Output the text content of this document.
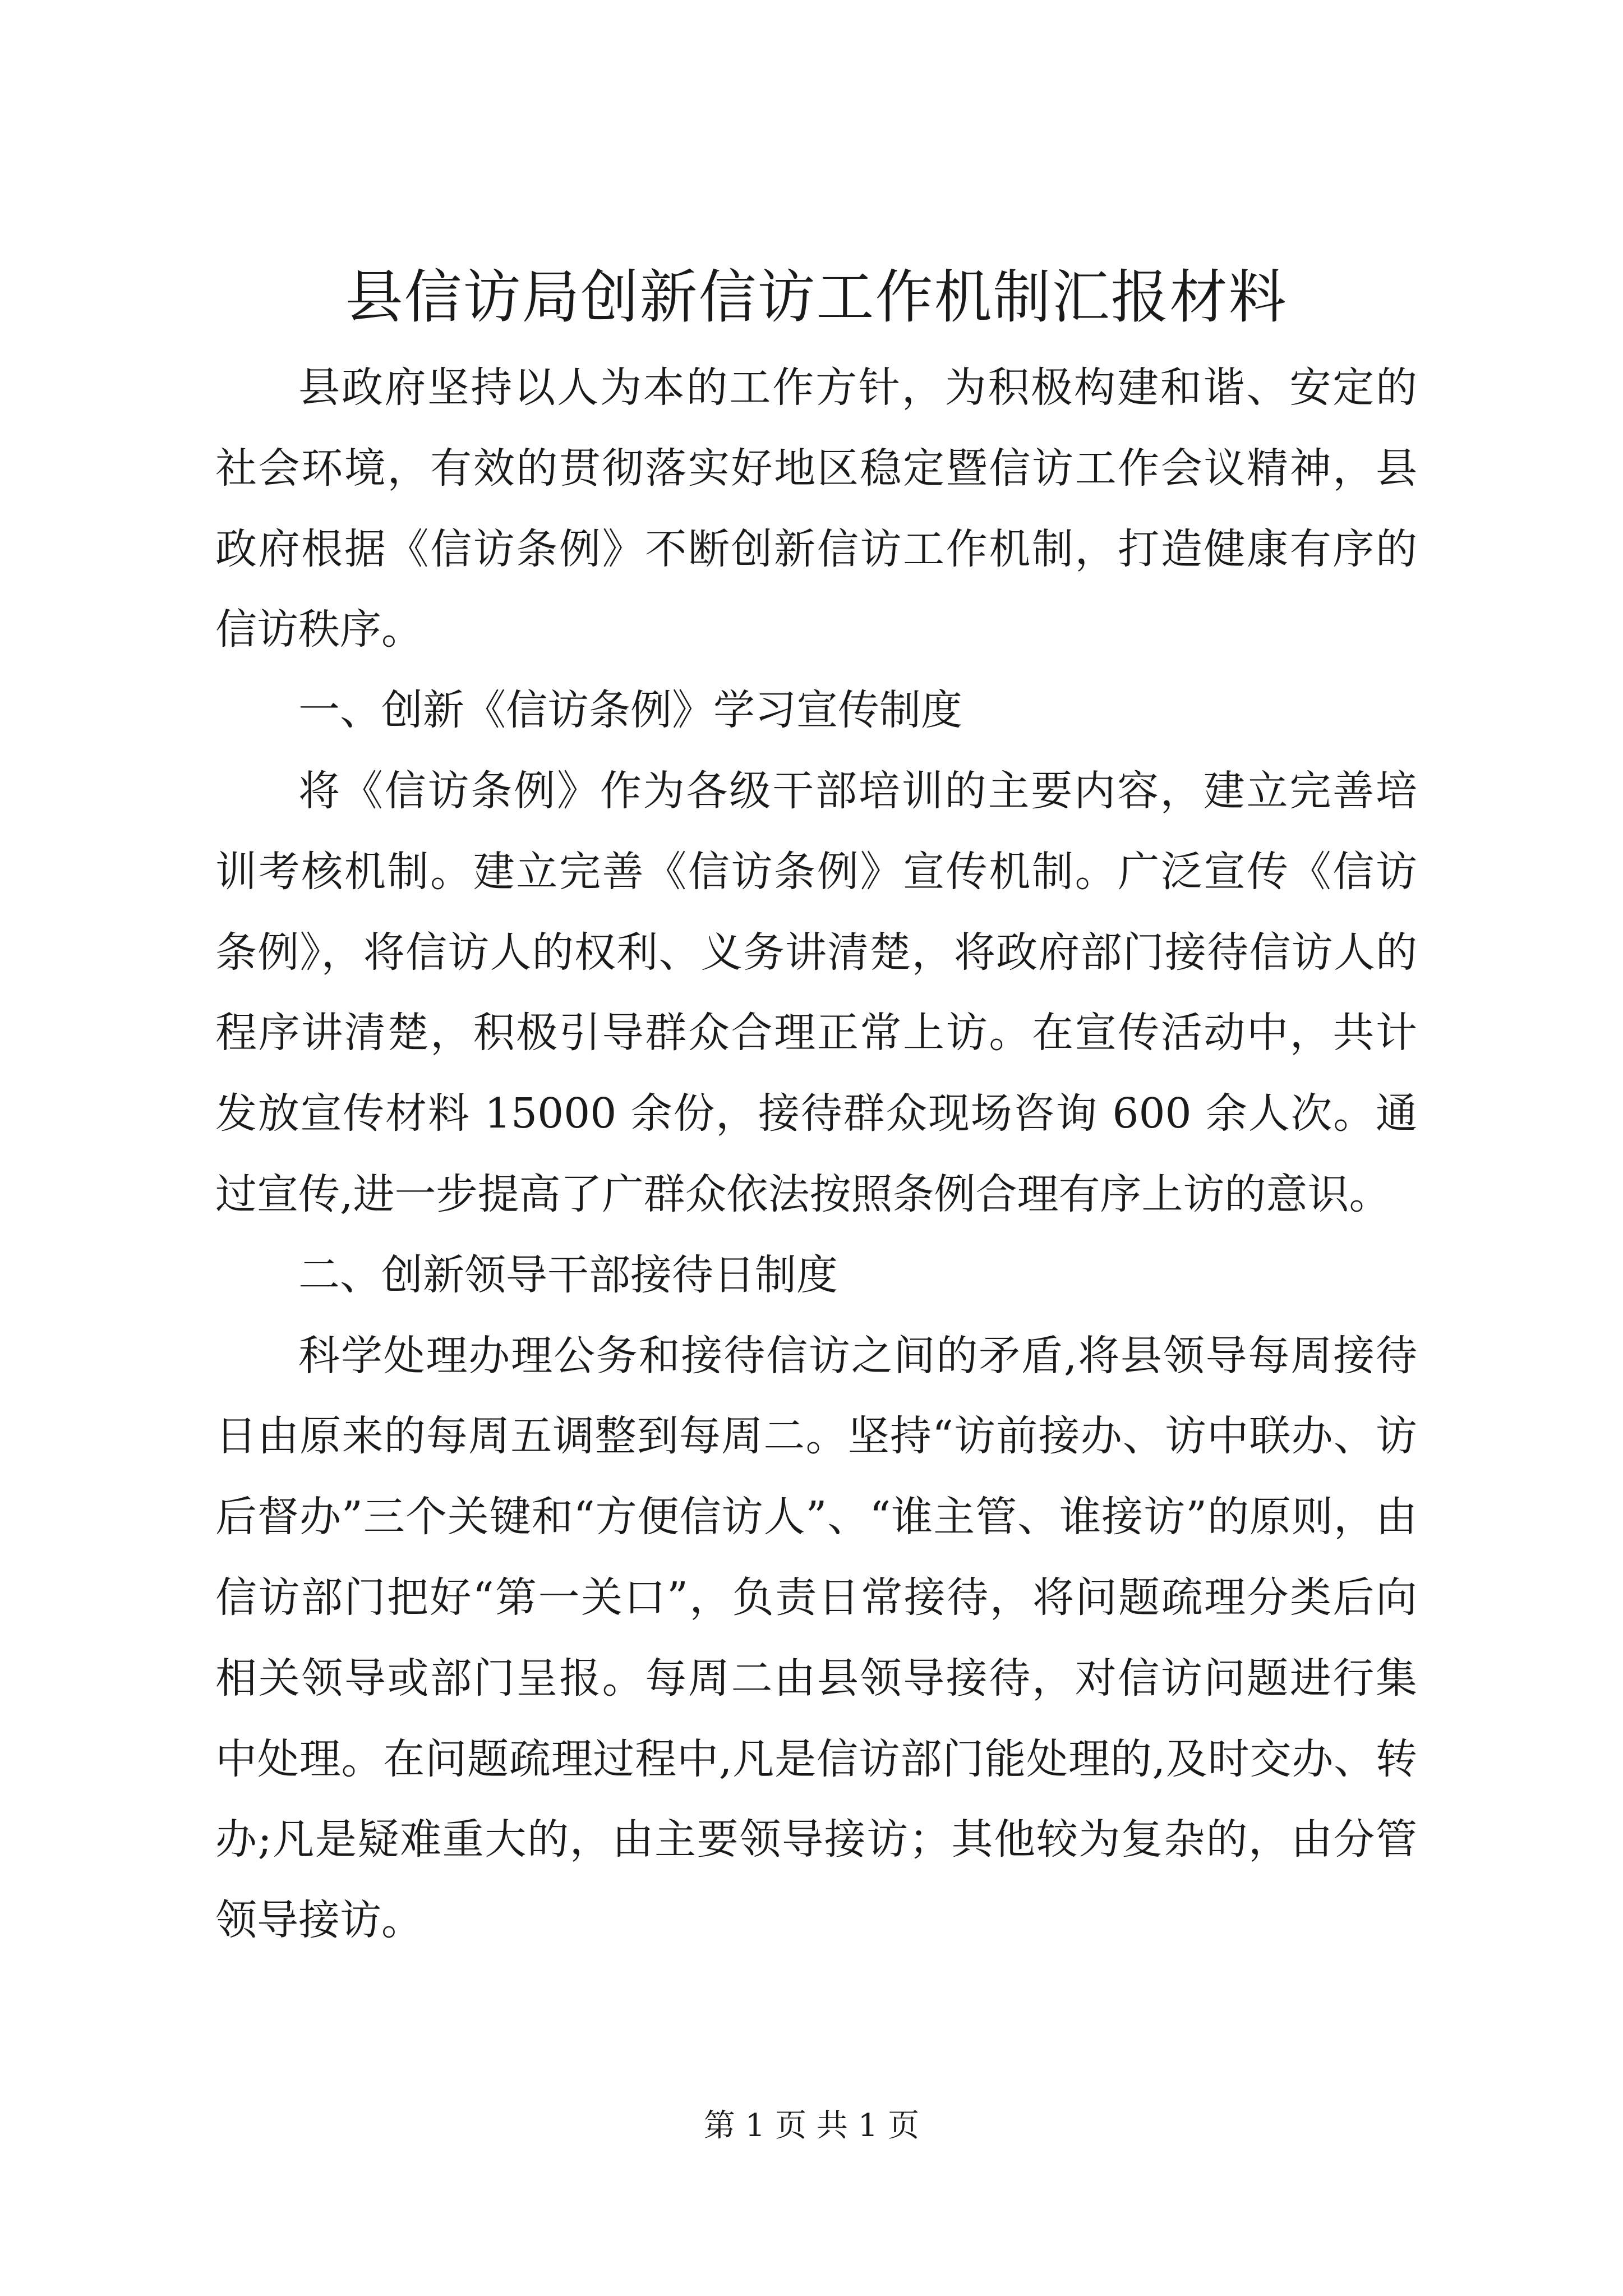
县信访局创新信访工作机制汇报材料

县政府坚持以人为本的工作方针，为积极构建和谐、安定的社会环境，有效的贯彻落实好地区稳定暨信访工作会议精神，县政府根据《信访条例》不断创新信访工作机制，打造健康有序的信访秩序。

一、创新《信访条例》学习宣传制度

将《信访条例》作为各级干部培训的主要内容，建立完善培训考核机制。建立完善《信访条例》宣传机制。广泛宣传《信访条例》，将信访人的权利、义务讲清楚，将政府部门接待信访人的程序讲清楚，积极引导群众合理正常上访。在宣传活动中，共计发放宣传材料 15000 余份，接待群众现场咨询 600 余人次。通过宣传,进一步提高了广群众依法按照条例合理有序上访的意识。

二、创新领导干部接待日制度

科学处理办理公务和接待信访之间的矛盾,将县领导每周接待日由原来的每周五调整到每周二。坚持“访前接办、访中联办、访后督办”三个关键和“方便信访人”、“谁主管、谁接访”的原则，由信访部门把好“第一关口”，负责日常接待，将问题疏理分类后向相关领导或部门呈报。每周二由县领导接待，对信访问题进行集中处理。在问题疏理过程中,凡是信访部门能处理的,及时交办、转办;凡是疑难重大的，由主要领导接访；其他较为复杂的，由分管领导接访。

第 1 页 共 1 页
